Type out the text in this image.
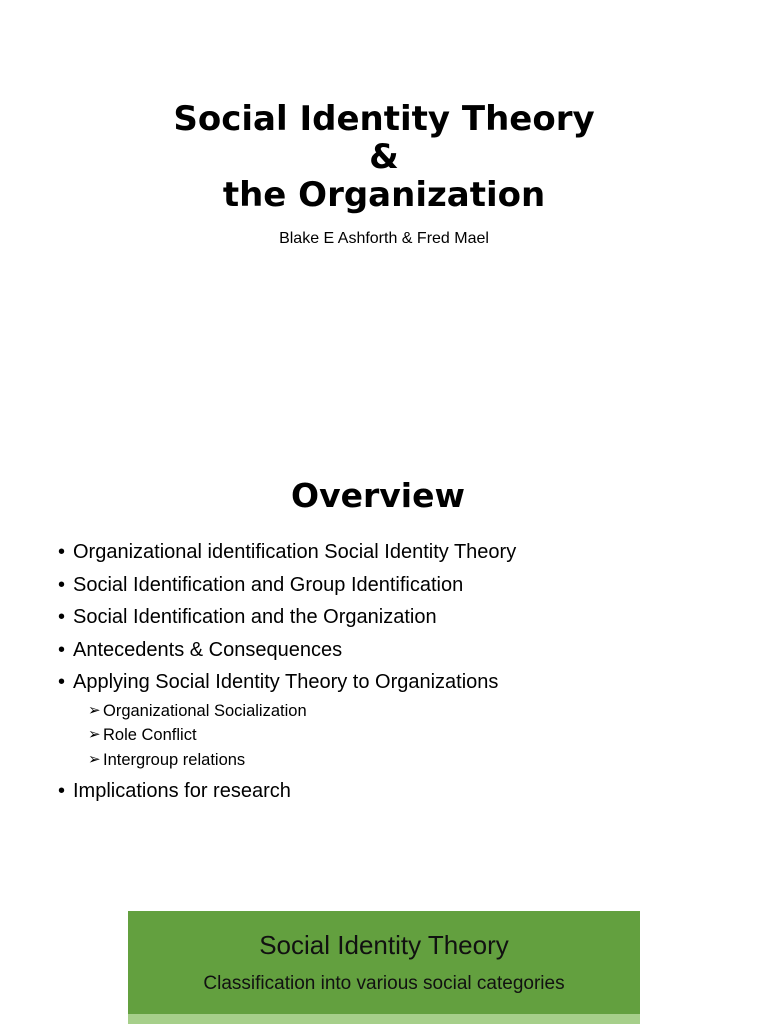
Social Identity Theory
&
the Organization
Blake E Ashforth & Fred Mael
Overview
• Organizational identification Social Identity Theory
• Social Identification and Group Identification
• Social Identification and the Organization
• Antecedents & Consequences
• Applying Social Identity Theory to Organizations
➢ Organizational Socialization
➢ Role Conflict
➢ Intergroup relations
• Implications for research
Social Identity Theory
Classification into various social categories
